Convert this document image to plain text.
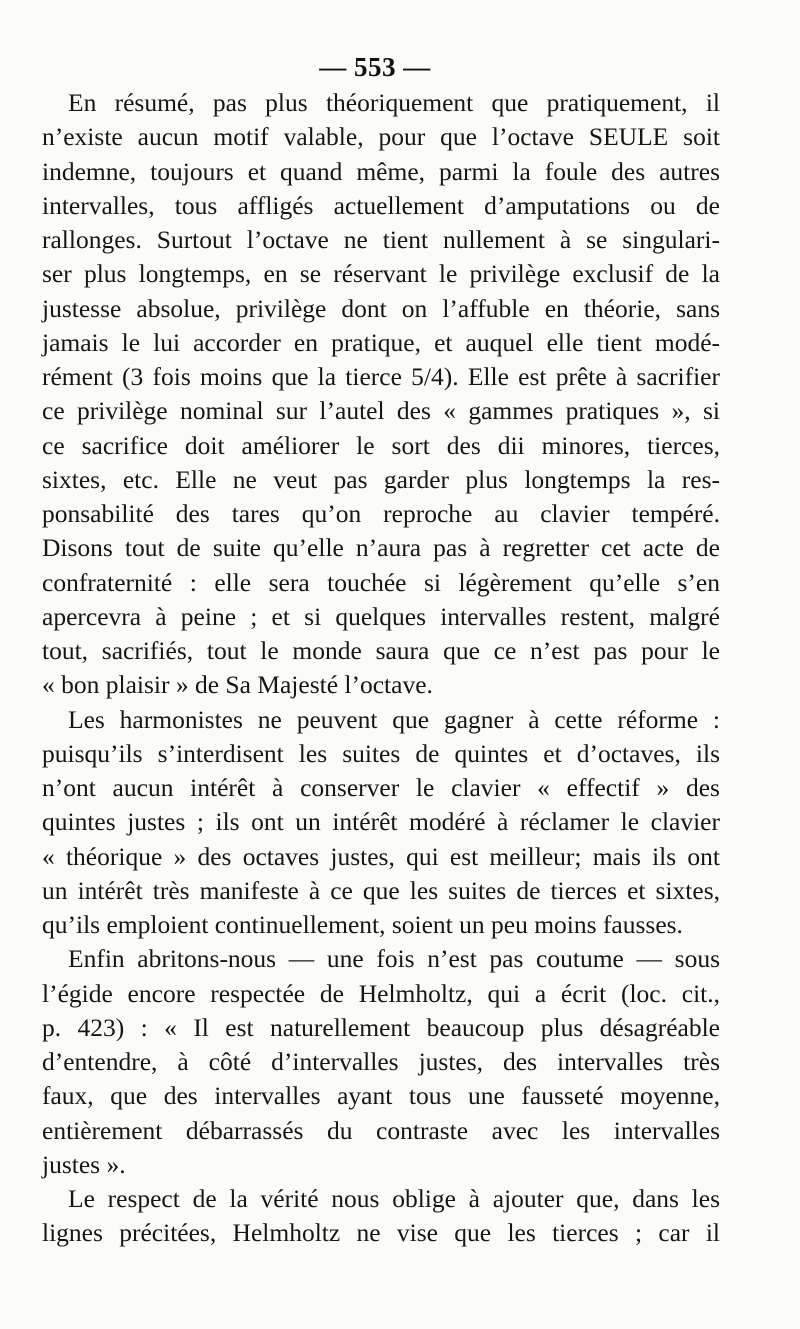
— 553 —
En résumé, pas plus théoriquement que pratiquement, il
n’existe aucun motif valable, pour que l’octave SEULE soit
indemne, toujours et quand même, parmi la foule des autres
intervalles, tous affligés actuellement d’amputations ou de
rallonges. Surtout l’octave ne tient nullement à se singulari-
ser plus longtemps, en se réservant le privilège exclusif de la
justesse absolue, privilège dont on l’affuble en théorie, sans
jamais le lui accorder en pratique, et auquel elle tient modé-
rément (3 fois moins que la tierce 5/4). Elle est prête à sacrifier
ce privilège nominal sur l’autel des « gammes pratiques », si
ce sacrifice doit améliorer le sort des dii minores, tierces,
sixtes, etc. Elle ne veut pas garder plus longtemps la res-
ponsabilité des tares qu’on reproche au clavier tempéré.
Disons tout de suite qu’elle n’aura pas à regretter cet acte de
confraternité : elle sera touchée si légèrement qu’elle s’en
apercevra à peine ; et si quelques intervalles restent, malgré
tout, sacrifiés, tout le monde saura que ce n’est pas pour le
« bon plaisir » de Sa Majesté l’octave.
Les harmonistes ne peuvent que gagner à cette réforme :
puisqu’ils s’interdisent les suites de quintes et d’octaves, ils
n’ont aucun intérêt à conserver le clavier « effectif » des
quintes justes ; ils ont un intérêt modéré à réclamer le clavier
« théorique » des octaves justes, qui est meilleur; mais ils ont
un intérêt très manifeste à ce que les suites de tierces et sixtes,
qu’ils emploient continuellement, soient un peu moins fausses.
Enfin abritons-nous — une fois n’est pas coutume — sous
l’égide encore respectée de Helmholtz, qui a écrit (loc. cit.,
p. 423) : « Il est naturellement beaucoup plus désagréable
d’entendre, à côté d’intervalles justes, des intervalles très
faux, que des intervalles ayant tous une fausseté moyenne,
entièrement débarrassés du contraste avec les intervalles
justes ».
Le respect de la vérité nous oblige à ajouter que, dans les
lignes précitées, Helmholtz ne vise que les tierces ; car il
